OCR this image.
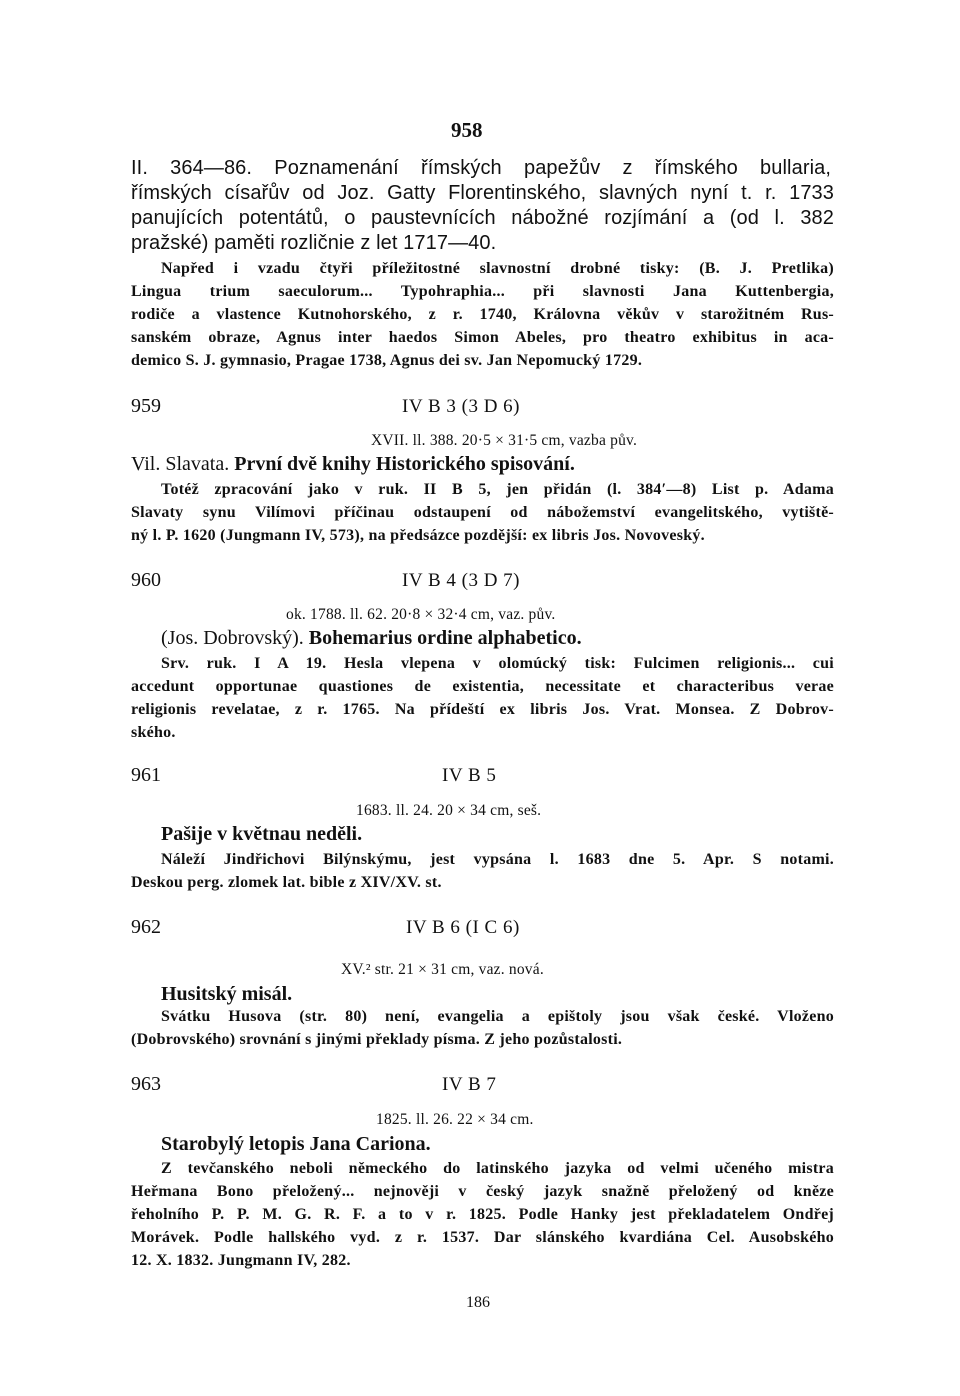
958
II. 364—86. Poznamenání římských papežův z římského bullaria,
římských císařův od Joz. Gatty Florentinského, slavných nyní t. r. 1733
panujících potentátů, o paustevnících nábožné rozjímání a (od l. 382
pražské) paměti rozličnie z let 1717—40.
Napřed i vzadu čtyři příležitostné slavnostní drobné tisky: (B. J. Pretlika)
Lingua trium saeculorum... Typohraphia... při slavnosti Jana Kuttenbergia,
rodiče a vlastence Kutnohorského, z r. 1740, Královna věkův v starožitném Rus-
sanském obraze, Agnus inter haedos Simon Abeles, pro theatro exhibitus in aca-
demico S. J. gymnasio, Pragae 1738, Agnus dei sv. Jan Nepomucký 1729.
959	IV B 3 (3 D 6)
XVII. ll. 388. 20·5 × 31·5 cm, vazba pův.
Vil. Slavata. První dvě knihy Historického spisování.
Totéž zpracování jako v ruk. II B 5, jen přidán (l. 384′—8) List p. Adama
Slavaty synu Vilímovi příčinau odstaupení od nábožemství evangelitského, vytiště-
ný l. P. 1620 (Jungmann IV, 573), na předsázce pozdější: ex libris Jos. Novoveský.
960	IV B 4 (3 D 7)
ok. 1788. ll. 62. 20·8 × 32·4 cm, vaz. pův.
(Jos. Dobrovský). Bohemarius ordine alphabetico.
Srv. ruk. I A 19. Hesla vlepena v olomúcký tisk: Fulcimen religionis... cui
accedunt opportunae quastiones de existentia, necessitate et characteribus verae
religionis revelatae, z r. 1765. Na přídeští ex libris Jos. Vrat. Monsea. Z Dobrov-
ského.
961	IV B 5
1683. ll. 24. 20 × 34 cm, seš.
Pašije v květnau neděli.
Náleží Jindřichovi Bilýnskýmu, jest vypsána l. 1683 dne 5. Apr. S notami.
Deskou perg. zlomek lat. bible z XIV/XV. st.
962	IV B 6 (I C 6)
XV.² str. 21 × 31 cm, vaz. nová.
Husitský misál.
Svátku Husova (str. 80) není, evangelia a epištoly jsou však české. Vloženo
(Dobrovského) srovnání s jinými překlady písma. Z jeho pozůstalosti.
963	IV B 7
1825. ll. 26. 22 × 34 cm.
Starobylý letopis Jana Cariona.
Z tevčanského neboli německého do latinského jazyka od velmi učeného mistra
Heřmana Bono přeložený... nejnověji v český jazyk snažně přeložený od kněze
řeholního P. P. M. G. R. F. a to v r. 1825. Podle Hanky jest překladatelem Ondřej
Morávek. Podle hallského vyd. z r. 1537. Dar slánského kvardiána Cel. Ausobského
12. X. 1832. Jungmann IV, 282.
186
